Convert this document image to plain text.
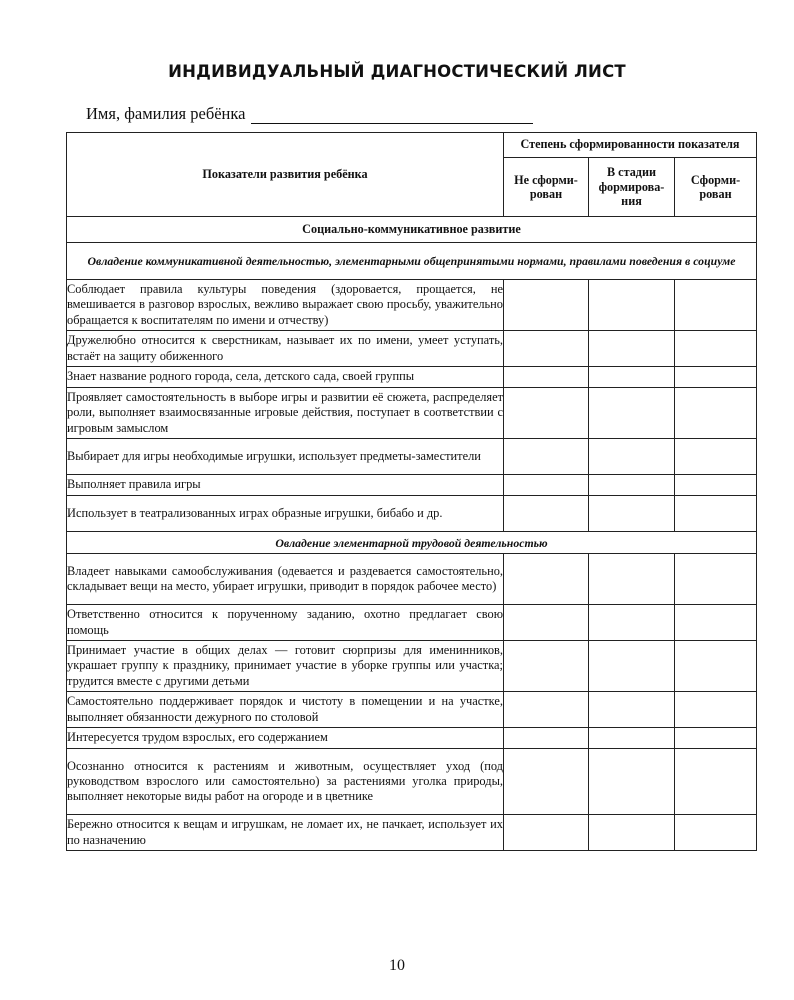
ИНДИВИДУАЛЬНЫЙ ДИАГНОСТИЧЕСКИЙ ЛИСТ
Имя, фамилия ребёнка
Показатели развития ребёнка	Степень сформированности показателя		
	Не сформи-рован	В стадии формирова-ния	Сформи-рован
Социально-коммуникативное развитие			
Овладение коммуникативной деятельностью, элементарными общепринятыми нормами, правилами поведения в социуме			
Соблюдает правила культуры поведения (здоровается, прощается, не вмешивается в разговор взрослых, вежливо выражает свою просьбу, уважительно обращается к воспитателям по имени и отчеству)			
Дружелюбно относится к сверстникам, называет их по имени, умеет уступать, встаёт на защиту обиженного			
Знает название родного города, села, детского сада, своей группы			
Проявляет самостоятельность в выборе игры и развитии её сюжета, распределяет роли, выполняет взаимосвязанные игровые действия, поступает в соответствии с игровым замыслом			
Выбирает для игры необходимые игрушки, использует предметы-заместители			
Выполняет правила игры			
Использует в театрализованных играх образные игрушки, бибабо и др.			
Овладение элементарной трудовой деятельностью			
Владеет навыками самообслуживания (одевается и раздевается самостоятельно, складывает вещи на место, убирает игрушки, приводит в порядок рабочее место)			
Ответственно относится к порученному заданию, охотно предлагает свою помощь			
Принимает участие в общих делах — готовит сюрпризы для именинников, украшает группу к празднику, принимает участие в уборке группы или участка; трудится вместе с другими детьми			
Самостоятельно поддерживает порядок и чистоту в помещении и на участке, выполняет обязанности дежурного по столовой			
Интересуется трудом взрослых, его содержанием			
Осознанно относится к растениям и животным, осуществляет уход (под руководством взрослого или самостоятельно) за растениями уголка природы, выполняет некоторые виды работ на огороде и в цветнике			
Бережно относится к вещам и игрушкам, не ломает их, не пачкает, использует их по назначению			
10
